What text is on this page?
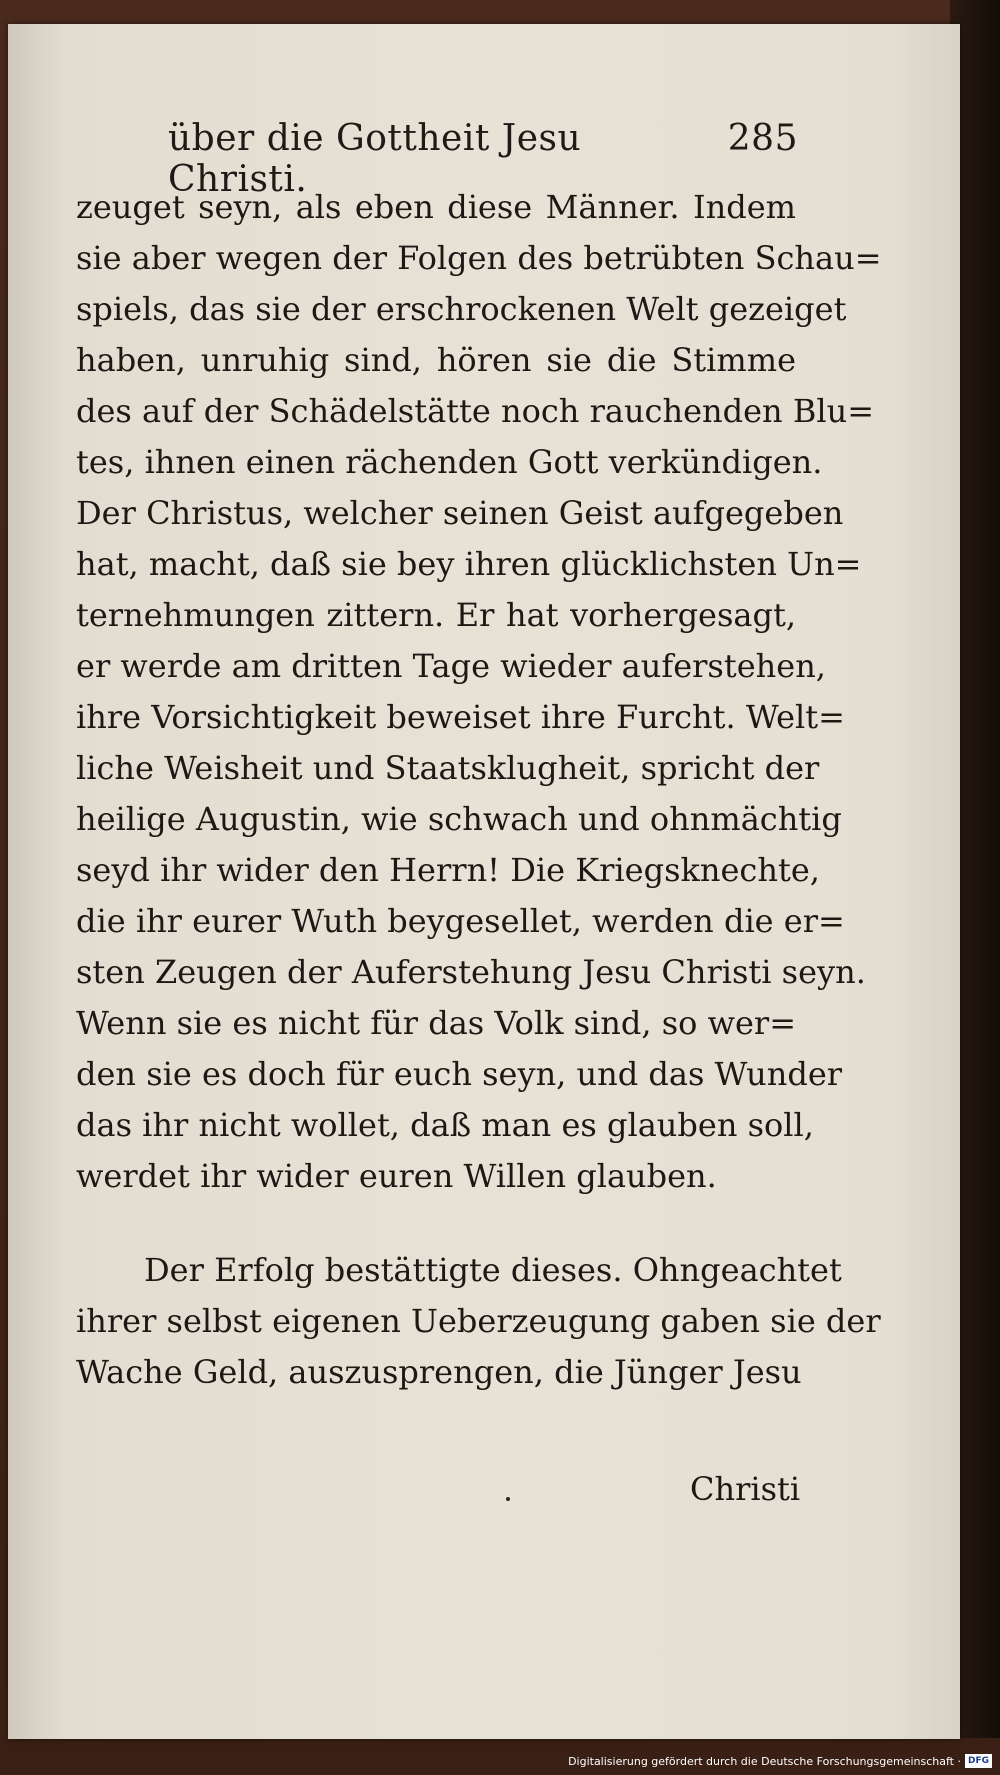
über die Gottheit Jesu Christi.
285
zeuget seyn, als eben diese Männer. Indem
sie aber wegen der Folgen des betrübten Schau=
spiels, das sie der erschrockenen Welt gezeiget
haben, unruhig sind, hören sie die Stimme
des auf der Schädelstätte noch rauchenden Blu=
tes, ihnen einen rächenden Gott verkündigen.
Der Christus, welcher seinen Geist aufgegeben
hat, macht, daß sie bey ihren glücklichsten Un=
ternehmungen zittern. Er hat vorhergesagt,
er werde am dritten Tage wieder auferstehen,
ihre Vorsichtigkeit beweiset ihre Furcht. Welt=
liche Weisheit und Staatsklugheit, spricht der
heilige Augustin, wie schwach und ohnmächtig
seyd ihr wider den Herrn! Die Kriegsknechte,
die ihr eurer Wuth beygesellet, werden die er=
sten Zeugen der Auferstehung Jesu Christi seyn.
Wenn sie es nicht für das Volk sind, so wer=
den sie es doch für euch seyn, und das Wunder
das ihr nicht wollet, daß man es glauben soll,
werdet ihr wider euren Willen glauben.
Der Erfolg bestättigte dieses. Ohngeachtet
ihrer selbst eigenen Ueberzeugung gaben sie der
Wache Geld, auszusprengen, die Jünger Jesu
Christi
Digitalisierung gefördert durch die Deutsche Forschungsgemeinschaft · DFG
